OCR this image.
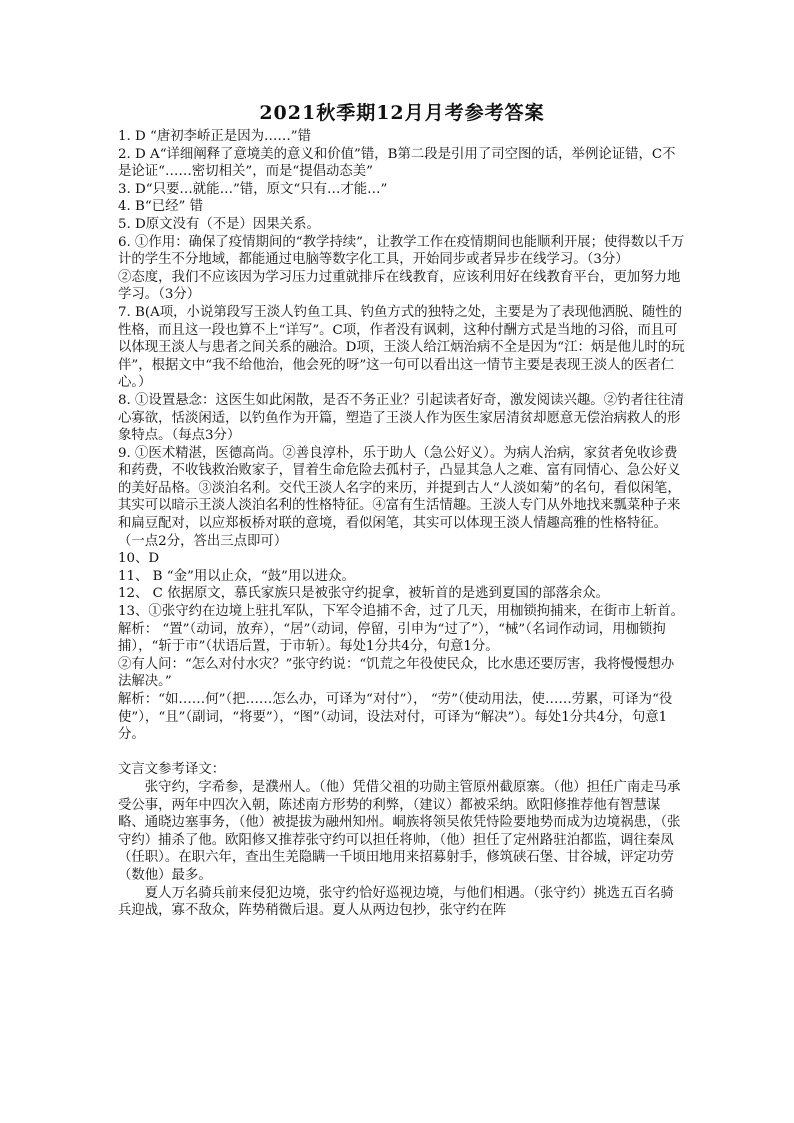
2021秋季期12月月考参考答案
1. D “唐初李峤正是因为……”错
2. D A“详细阐释了意境美的意义和价值”错，B第二段是引用了司空图的话，举例论证错，C不是论证“……密切相关”，而是“提倡动态美”
3. D“只要…就能…”错，原文“只有…才能…”
4. B“已经” 错
5. D原文没有（不是）因果关系。
6. ①作用：确保了疫情期间的“教学持续”，让教学工作在疫情期间也能顺利开展；使得数以千万计的学生不分地域，都能通过电脑等数字化工具，开始同步或者异步在线学习。（3分）
②态度，我们不应该因为学习压力过重就排斥在线教育，应该利用好在线教育平台，更加努力地学习。（3分）
7. B(A项，小说第段写王淡人钓鱼工具、钓鱼方式的独特之处，主要是为了表现他洒脱、随性的性格，而且这一段也算不上“详写”。C项，作者没有讽刺，这种付酬方式是当地的习俗，而且可以体现王淡人与患者之间关系的融洽。D项，王淡人给江炳治病不全是因为“江：炳是他儿时的玩伴”，根据文中“我不给他治，他会死的呀”这一句可以看出这一情节主要是表现王淡人的医者仁心。）
8. ①设置悬念：这医生如此闲散，是否不务正业？引起读者好奇，激发阅读兴趣。②钓者往往清心寡欲，恬淡闲适，以钓鱼作为开篇，塑造了王淡人作为医生家居清贫却愿意无偿治病救人的形象特点。（每点3分）
9. ①医术精湛，医德高尚。②善良淳朴，乐于助人（急公好义）。为病人治病，家贫者免收诊费和药费，不收钱救治败家子，冒着生命危险去孤村子，凸显其急人之难、富有同情心、急公好义的美好品格。③淡泊名利。交代王淡人名字的来历，并提到古人“人淡如菊”的名句，看似闲笔，其实可以暗示王淡人淡泊名利的性格特征。④富有生活情趣。王淡人专门从外地找来瓢菜种子来和扁豆配对，以应郑板桥对联的意境，看似闲笔，其实可以体现王淡人情趣高雅的性格特征。（一点2分，答出三点即可）
10、D
11、 B “金”用以止众，“鼓”用以进众。
12、 C 依据原文，慕氏家族只是被张守约捉拿，被斩首的是逃到夏国的部落余众。
13、①张守约在边境上驻扎军队，下军令追捕不舍，过了几天，用枷锁拘捕来，在街市上斩首。
解析： “置”（动词，放弃），“居”（动词，停留，引申为“过了”），“械”（名词作动词，用枷锁拘捕），“斩于市”（状语后置，于市斩）。每处1分共4分，句意1分。
②有人问：“怎么对付水灾？”张守约说：“饥荒之年役使民众，比水患还要厉害，我将慢慢想办法解决。”
解析：“如……何”（把……怎么办，可译为“对付”）， “劳”（使动用法，使……劳累，可译为“役使”），“且”（副词，“将要”），“图”（动词，设法对付，可译为“解决”）。每处1分共4分，句意1分。
文言文参考译文：
张守约，字希参，是濮州人。（他）凭借父祖的功勋主管原州截原寨。（他）担任广南走马承受公事，两年中四次入朝，陈述南方形势的利弊，（建议）都被采纳。欧阳修推荐他有智慧谋略、通晓边塞事务，（他）被提拔为融州知州。峒族将领吴侬凭恃险要地势而成为边境祸患，（张守约）捕杀了他。欧阳修又推荐张守约可以担任将帅，（他）担任了定州路驻泊都监，调往秦凤（任职）。在职六年，查出生羌隐瞒一千顷田地用来招募射手，修筑硖石堡、甘谷城，评定功劳（数他）最多。
夏人万名骑兵前来侵犯边境，张守约恰好巡视边境，与他们相遇。（张守约）挑选五百名骑兵迎战，寡不敌众，阵势稍微后退。夏人从两边包抄，张守约在阵
